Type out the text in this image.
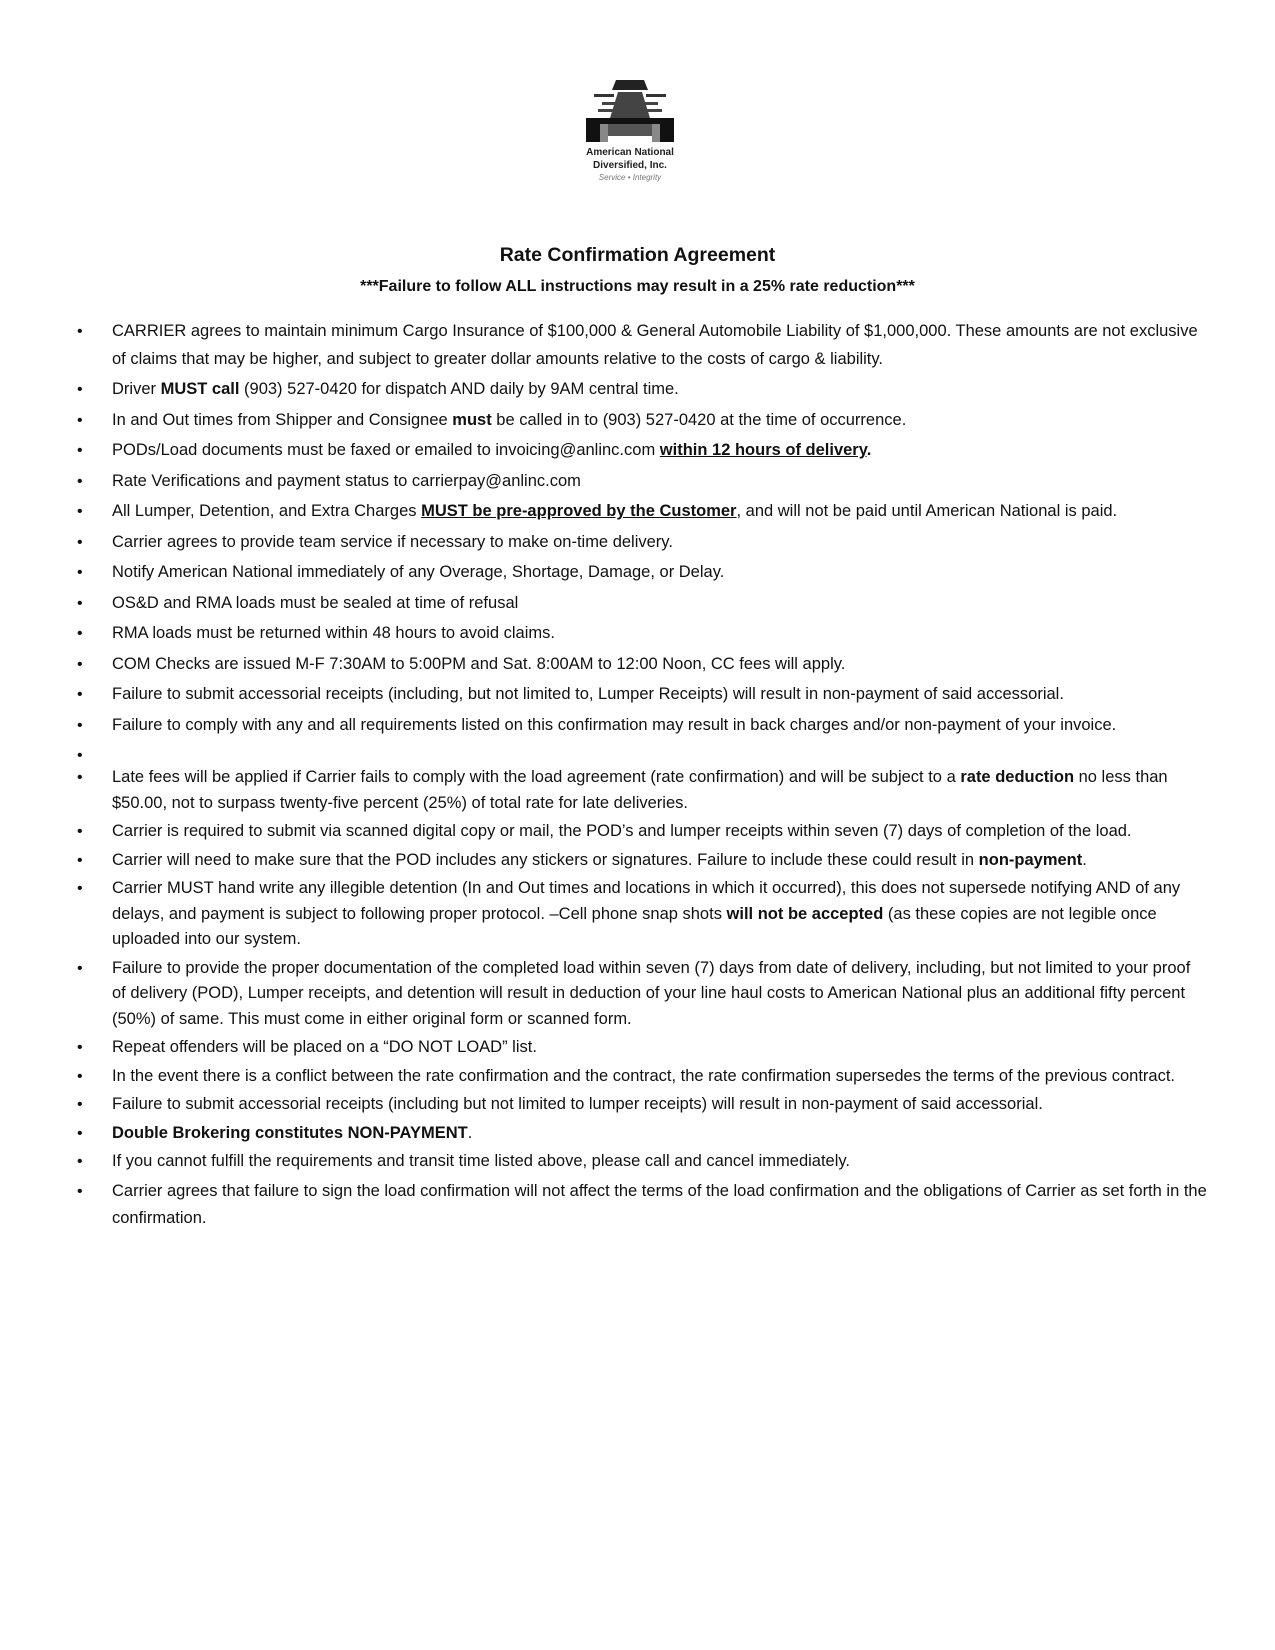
American National
Diversified, Inc.
Service • Integrity
Rate Confirmation Agreement
***Failure to follow ALL instructions may result in a 25% rate reduction***
• CARRIER agrees to maintain minimum Cargo Insurance of $100,000 & General Automobile Liability of $1,000,000. These amounts are not exclusive of claims that may be higher, and subject to greater dollar amounts relative to the costs of cargo & liability.
• Driver MUST call (903) 527-0420 for dispatch AND daily by 9AM central time.
• In and Out times from Shipper and Consignee must be called in to (903) 527-0420 at the time of occurrence.
• PODs/Load documents must be faxed or emailed to invoicing@anlinc.com within 12 hours of delivery.
• Rate Verifications and payment status to carrierpay@anlinc.com
• All Lumper, Detention, and Extra Charges MUST be pre-approved by the Customer, and will not be paid until American National is paid.
• Carrier agrees to provide team service if necessary to make on-time delivery.
• Notify American National immediately of any Overage, Shortage, Damage, or Delay.
• OS&D and RMA loads must be sealed at time of refusal
• RMA loads must be returned within 48 hours to avoid claims.
• COM Checks are issued M-F 7:30AM to 5:00PM and Sat. 8:00AM to 12:00 Noon, CC fees will apply.
• Failure to submit accessorial receipts (including, but not limited to, Lumper Receipts) will result in non-payment of said accessorial.
• Failure to comply with any and all requirements listed on this confirmation may result in back charges and/or non-payment of your invoice.
•
• Late fees will be applied if Carrier fails to comply with the load agreement (rate confirmation) and will be subject to a rate deduction no less than $50.00, not to surpass twenty-five percent (25%) of total rate for late deliveries.
• Carrier is required to submit via scanned digital copy or mail, the POD’s and lumper receipts within seven (7) days of completion of the load.
• Carrier will need to make sure that the POD includes any stickers or signatures. Failure to include these could result in non-payment.
• Carrier MUST hand write any illegible detention (In and Out times and locations in which it occurred), this does not supersede notifying AND of any delays, and payment is subject to following proper protocol. –Cell phone snap shots will not be accepted (as these copies are not legible once uploaded into our system.
• Failure to provide the proper documentation of the completed load within seven (7) days from date of delivery, including, but not limited to your proof of delivery (POD), Lumper receipts, and detention will result in deduction of your line haul costs to American National plus an additional fifty percent (50%) of same. This must come in either original form or scanned form.
• Repeat offenders will be placed on a “DO NOT LOAD” list.
• In the event there is a conflict between the rate confirmation and the contract, the rate confirmation supersedes the terms of the previous contract.
• Failure to submit accessorial receipts (including but not limited to lumper receipts) will result in non-payment of said accessorial.
• Double Brokering constitutes NON-PAYMENT.
• If you cannot fulfill the requirements and transit time listed above, please call and cancel immediately.
• Carrier agrees that failure to sign the load confirmation will not affect the terms of the load confirmation and the obligations of Carrier as set forth in the confirmation.
